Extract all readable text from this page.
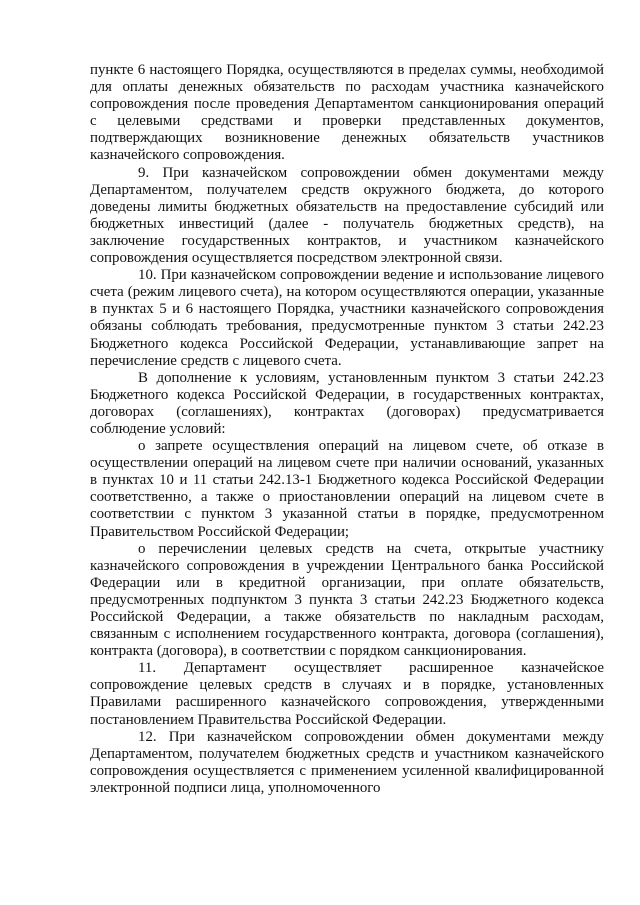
пункте 6 настоящего Порядка, осуществляются в пределах суммы, необходимой для оплаты денежных обязательств по расходам участника казначейского сопровождения после проведения Департаментом санкционирования операций с целевыми средствами и проверки представленных документов, подтверждающих возникновение денежных обязательств участников казначейского сопровождения.

9. При казначейском сопровождении обмен документами между Департаментом, получателем средств окружного бюджета, до которого доведены лимиты бюджетных обязательств на предоставление субсидий или бюджетных инвестиций (далее - получатель бюджетных средств), на заключение государственных контрактов, и участником казначейского сопровождения осуществляется посредством электронной связи.

10. При казначейском сопровождении ведение и использование лицевого счета (режим лицевого счета), на котором осуществляются операции, указанные в пунктах 5 и 6 настоящего Порядка, участники казначейского сопровождения обязаны соблюдать требования, предусмотренные пунктом 3 статьи 242.23 Бюджетного кодекса Российской Федерации, устанавливающие запрет на перечисление средств с лицевого счета.

В дополнение к условиям, установленным пунктом 3 статьи 242.23 Бюджетного кодекса Российской Федерации, в государственных контрактах, договорах (соглашениях), контрактах (договорах) предусматривается соблюдение условий:

о запрете осуществления операций на лицевом счете, об отказе в осуществлении операций на лицевом счете при наличии оснований, указанных в пунктах 10 и 11 статьи 242.13-1 Бюджетного кодекса Российской Федерации соответственно, а также о приостановлении операций на лицевом счете в соответствии с пунктом 3 указанной статьи в порядке, предусмотренном Правительством Российской Федерации;

о перечислении целевых средств на счета, открытые участнику казначейского сопровождения в учреждении Центрального банка Российской Федерации или в кредитной организации, при оплате обязательств, предусмотренных подпунктом 3 пункта 3 статьи 242.23 Бюджетного кодекса Российской Федерации, а также обязательств по накладным расходам, связанным с исполнением государственного контракта, договора (соглашения), контракта (договора), в соответствии с порядком санкционирования.

11. Департамент осуществляет расширенное казначейское сопровождение целевых средств в случаях и в порядке, установленных Правилами расширенного казначейского сопровождения, утвержденными постановлением Правительства Российской Федерации.

12. При казначейском сопровождении обмен документами между Департаментом, получателем бюджетных средств и участником казначейского сопровождения осуществляется с применением усиленной квалифицированной электронной подписи лица, уполномоченного
